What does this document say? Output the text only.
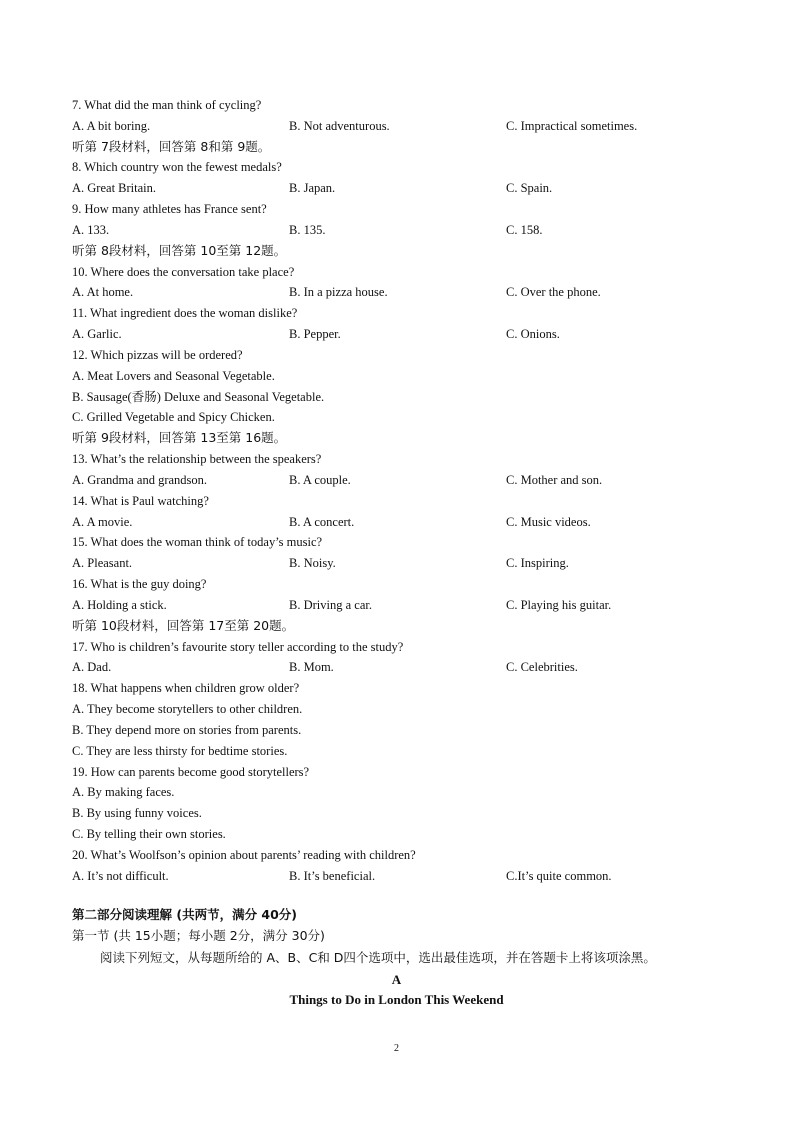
7. What did the man think of cycling?
A. A bit boring.	B. Not adventurous.	C. Impractical sometimes.
听第 7段材料，回答第 8和第 9题。
8. Which country won the fewest medals?
A. Great Britain.	B. Japan.	C. Spain.
9. How many athletes has France sent?
A. 133.	B. 135.	C. 158.
听第 8段材料，回答第 10至第 12题。
10. Where does the conversation take place?
A. At home.	B. In a pizza house.	C. Over the phone.
11. What ingredient does the woman dislike?
A. Garlic.	B. Pepper.	C. Onions.
12. Which pizzas will be ordered?
A. Meat Lovers and Seasonal Vegetable.
B. Sausage(香肠) Deluxe and Seasonal Vegetable.
C. Grilled Vegetable and Spicy Chicken.
听第 9段材料，回答第 13至第 16题。
13. What’s the relationship between the speakers?
A. Grandma and grandson.	B. A couple.	C. Mother and son.
14. What is Paul watching?
A. A movie.	B. A concert.	C. Music videos.
15. What does the woman think of today’s music?
A. Pleasant.	B. Noisy.	C. Inspiring.
16. What is the guy doing?
A. Holding a stick.	B. Driving a car.	C. Playing his guitar.
听第 10段材料，回答第 17至第 20题。
17. Who is children’s favourite story teller according to the study?
A. Dad.	B. Mom.	C. Celebrities.
18. What happens when children grow older?
A. They become storytellers to other children.
B. They depend more on stories from parents.
C. They are less thirsty for bedtime stories.
19. How can parents become good storytellers?
A. By making faces.
B. By using funny voices.
C. By telling their own stories.
20. What’s Woolfson’s opinion about parents’ reading with children?
A. It’s not difficult.	B. It’s beneficial.	C.It’s quite common.
第二部分阅读理解 (共两节，满分 40分)
第一节 (共 15小题；每小题 2分，满分 30分)
阅读下列短文，从每题所给的 A、B、C和 D四个选项中，选出最佳选项，并在答题卡上将该项涂黑。
A
Things to Do in London This Weekend
2
